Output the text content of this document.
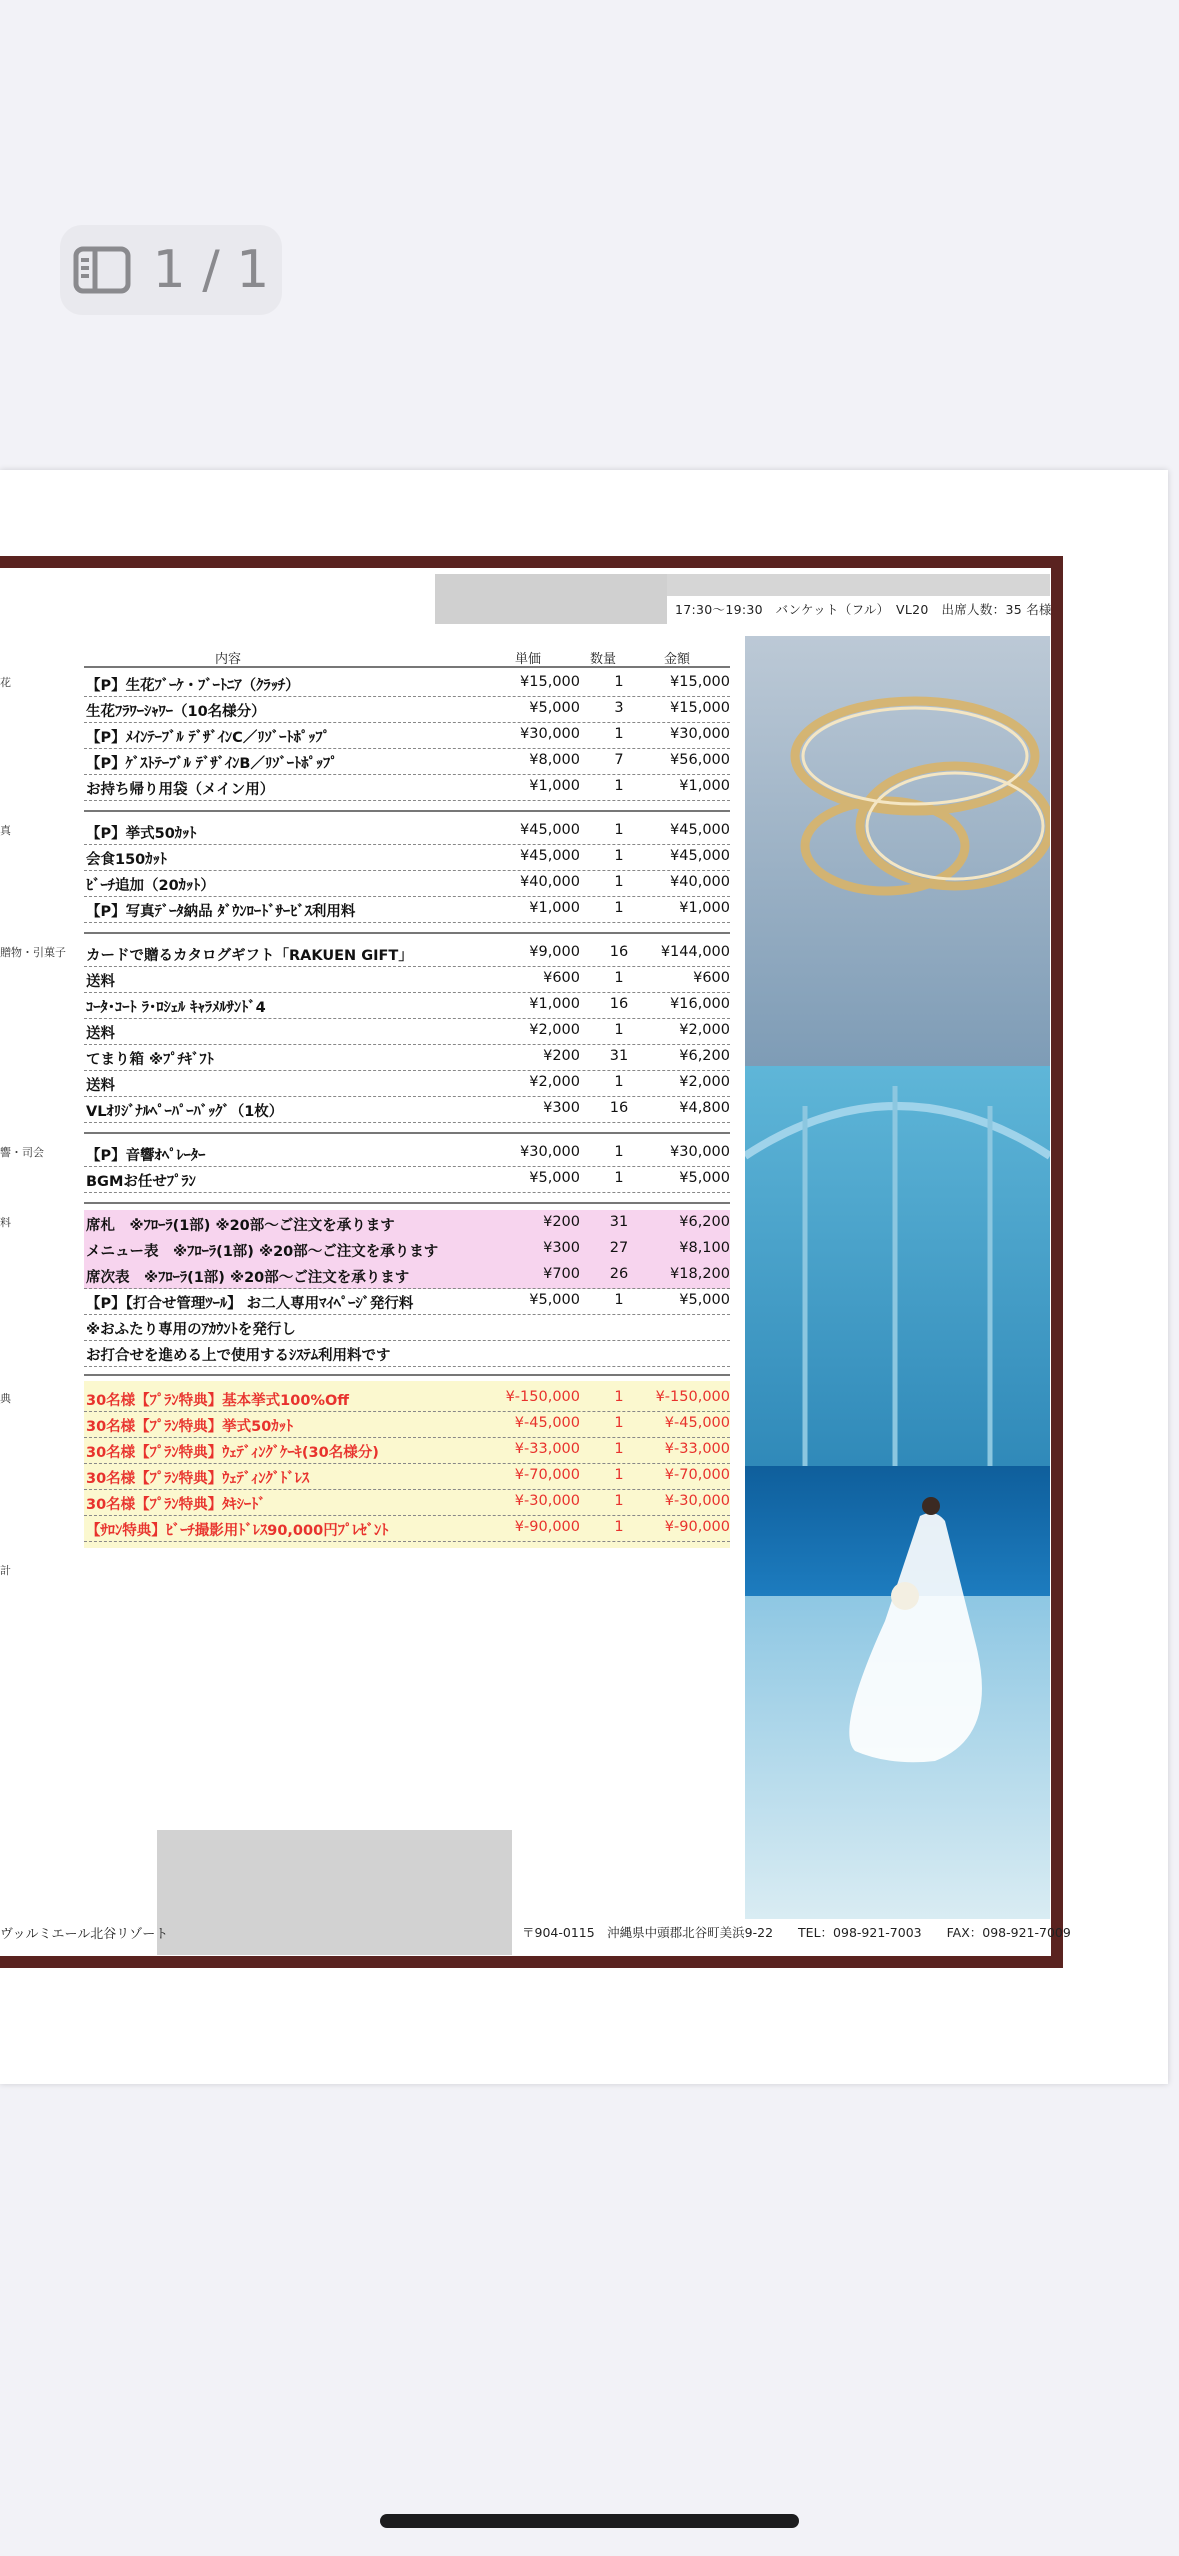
1 / 1
17:30～19:30　バンケット（フル）　VL20　出席人数：35 名様
内容	単価	数量	金額
花
真
贈物・引菓子
響・司会
料
典
計
【P】生花ﾌﾞｰｹ・ﾌﾞｰﾄﾆｱ（ｸﾗｯﾁ）	¥15,000	1	¥15,000
生花ﾌﾗﾜｰｼｬﾜｰ（10名様分）	¥5,000	3	¥15,000
【P】ﾒｲﾝﾃｰﾌﾞﾙ ﾃﾞｻﾞｲﾝC／ﾘｿﾞｰﾄﾎﾟｯﾌﾟ	¥30,000	1	¥30,000
【P】ｹﾞｽﾄﾃｰﾌﾞﾙ ﾃﾞｻﾞｲﾝB／ﾘｿﾞｰﾄﾎﾟｯﾌﾟ	¥8,000	7	¥56,000
お持ち帰り用袋（メイン用）	¥1,000	1	¥1,000
【P】挙式50ｶｯﾄ	¥45,000	1	¥45,000
会食150ｶｯﾄ	¥45,000	1	¥45,000
ﾋﾞｰﾁ追加（20ｶｯﾄ）	¥40,000	1	¥40,000
【P】写真ﾃﾞｰﾀ納品 ﾀﾞｳﾝﾛｰﾄﾞｻｰﾋﾞｽ利用料	¥1,000	1	¥1,000
カードで贈るカタログギフト「RAKUEN GIFT」	¥9,000	16	¥144,000
送料	¥600	1	¥600
ｺｰﾀ･ｺｰﾄ ﾗ･ﾛｼｪﾙ ｷｬﾗﾒﾙｻﾝﾄﾞ4	¥1,000	16	¥16,000
送料	¥2,000	1	¥2,000
てまり箱 ※ﾌﾟﾁｷﾞﾌﾄ	¥200	31	¥6,200
送料	¥2,000	1	¥2,000
VLｵﾘｼﾞﾅﾙﾍﾟｰﾊﾟｰﾊﾞｯｸﾞ（1枚）	¥300	16	¥4,800
【P】音響ｵﾍﾟﾚｰﾀｰ	¥30,000	1	¥30,000
BGMお任せﾌﾟﾗﾝ	¥5,000	1	¥5,000
席札　※ﾌﾛｰﾗ(1部) ※20部～ご注文を承ります	¥200	31	¥6,200
メニュー表　※ﾌﾛｰﾗ(1部) ※20部～ご注文を承ります	¥300	27	¥8,100
席次表　※ﾌﾛｰﾗ(1部) ※20部～ご注文を承ります	¥700	26	¥18,200
【P】【打合せ管理ﾂｰﾙ】 お二人専用ﾏｲﾍﾟｰｼﾞ発行料	¥5,000	1	¥5,000
※おふたり専用のｱｶｳﾝﾄを発行し
お打合せを進める上で使用するｼｽﾃﾑ利用料です
30名様【ﾌﾟﾗﾝ特典】基本挙式100%Off	¥-150,000	1	¥-150,000
30名様【ﾌﾟﾗﾝ特典】挙式50ｶｯﾄ	¥-45,000	1	¥-45,000
30名様【ﾌﾟﾗﾝ特典】ｳｪﾃﾞｨﾝｸﾞｹｰｷ(30名様分)	¥-33,000	1	¥-33,000
30名様【ﾌﾟﾗﾝ特典】ｳｪﾃﾞｨﾝｸﾞﾄﾞﾚｽ	¥-70,000	1	¥-70,000
30名様【ﾌﾟﾗﾝ特典】ﾀｷｼｰﾄﾞ	¥-30,000	1	¥-30,000
【ｻﾛﾝ特典】ﾋﾞｰﾁ撮影用ﾄﾞﾚｽ90,000円ﾌﾟﾚｾﾞﾝﾄ	¥-90,000	1	¥-90,000
ヴッルミエール北谷リゾート	〒904-0115　沖縄県中頭郡北谷町美浜9-22　　TEL：098-921-7003　　FAX：098-921-7009
